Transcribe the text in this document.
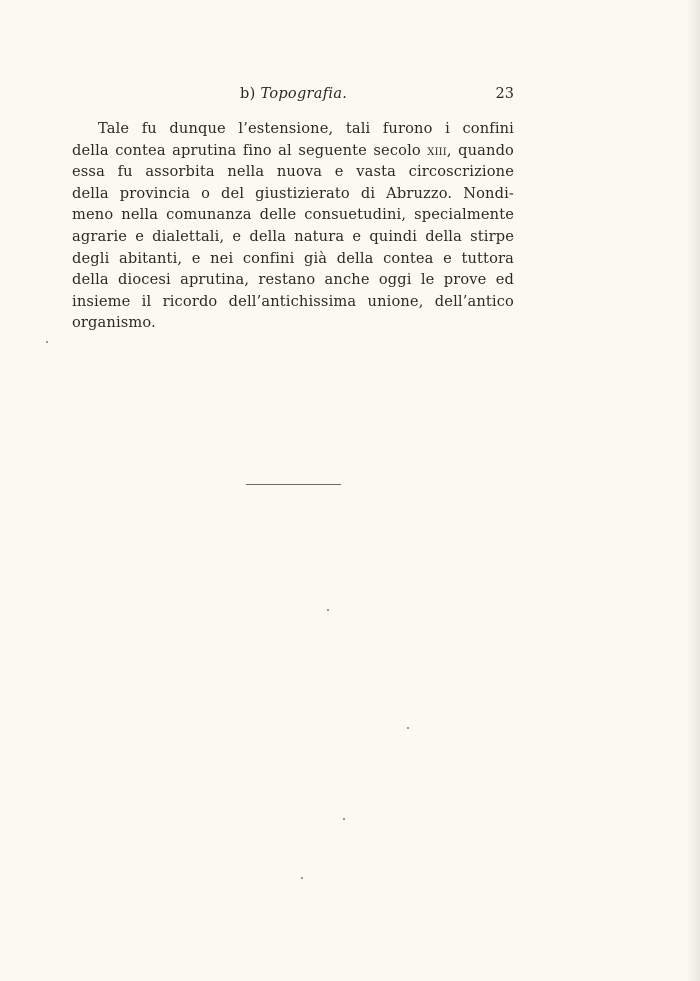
b) Topografia.	23
Tale fu dunque l’estensione, tali furono i confini
della contea aprutina fino al seguente secolo xiii, quando
essa fu assorbita nella nuova e vasta circoscrizione
della provincia o del giustizierato di Abruzzo. Nondi-
meno nella comunanza delle consuetudini, specialmente
agrarie e dialettali, e della natura e quindi della stirpe
degli abitanti, e nei confini già della contea e tuttora
della diocesi aprutina, restano anche oggi le prove ed
insieme il ricordo dell’antichissima unione, dell’antico
organismo.
